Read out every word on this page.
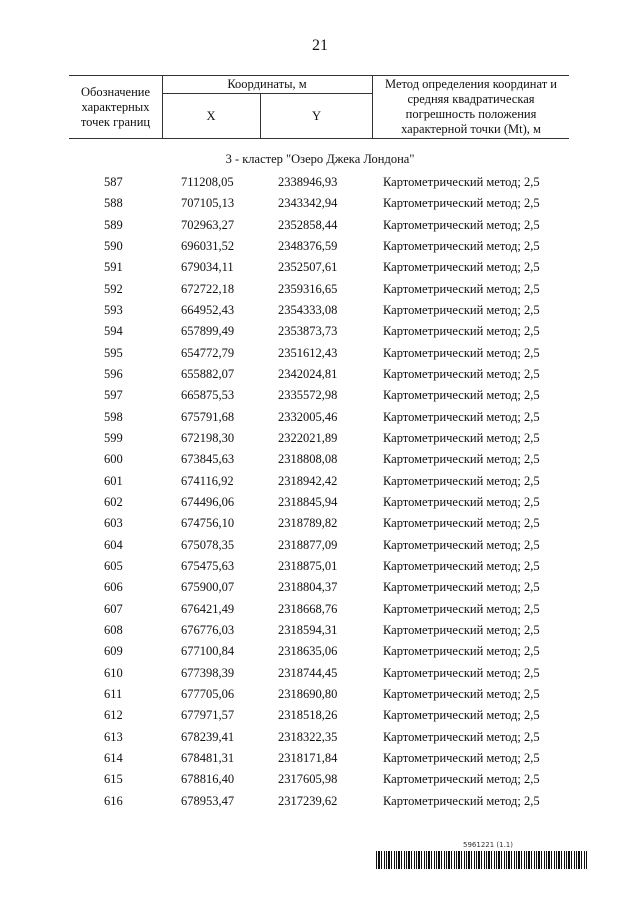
21
Обозначение характерных точек границ
Координаты, м
X	Y
Метод определения координат и средняя квадратическая погрешность положения характерной точки (Mt), м
3 - кластер "Озеро Джека Лондона"
587	711208,05	2338946,93	Картометрический метод; 2,5
588	707105,13	2343342,94	Картометрический метод; 2,5
589	702963,27	2352858,44	Картометрический метод; 2,5
590	696031,52	2348376,59	Картометрический метод; 2,5
591	679034,11	2352507,61	Картометрический метод; 2,5
592	672722,18	2359316,65	Картометрический метод; 2,5
593	664952,43	2354333,08	Картометрический метод; 2,5
594	657899,49	2353873,73	Картометрический метод; 2,5
595	654772,79	2351612,43	Картометрический метод; 2,5
596	655882,07	2342024,81	Картометрический метод; 2,5
597	665875,53	2335572,98	Картометрический метод; 2,5
598	675791,68	2332005,46	Картометрический метод; 2,5
599	672198,30	2322021,89	Картометрический метод; 2,5
600	673845,63	2318808,08	Картометрический метод; 2,5
601	674116,92	2318942,42	Картометрический метод; 2,5
602	674496,06	2318845,94	Картометрический метод; 2,5
603	674756,10	2318789,82	Картометрический метод; 2,5
604	675078,35	2318877,09	Картометрический метод; 2,5
605	675475,63	2318875,01	Картометрический метод; 2,5
606	675900,07	2318804,37	Картометрический метод; 2,5
607	676421,49	2318668,76	Картометрический метод; 2,5
608	676776,03	2318594,31	Картометрический метод; 2,5
609	677100,84	2318635,06	Картометрический метод; 2,5
610	677398,39	2318744,45	Картометрический метод; 2,5
611	677705,06	2318690,80	Картометрический метод; 2,5
612	677971,57	2318518,26	Картометрический метод; 2,5
613	678239,41	2318322,35	Картометрический метод; 2,5
614	678481,31	2318171,84	Картометрический метод; 2,5
615	678816,40	2317605,98	Картометрический метод; 2,5
616	678953,47	2317239,62	Картометрический метод; 2,5
5961221 (1.1)
